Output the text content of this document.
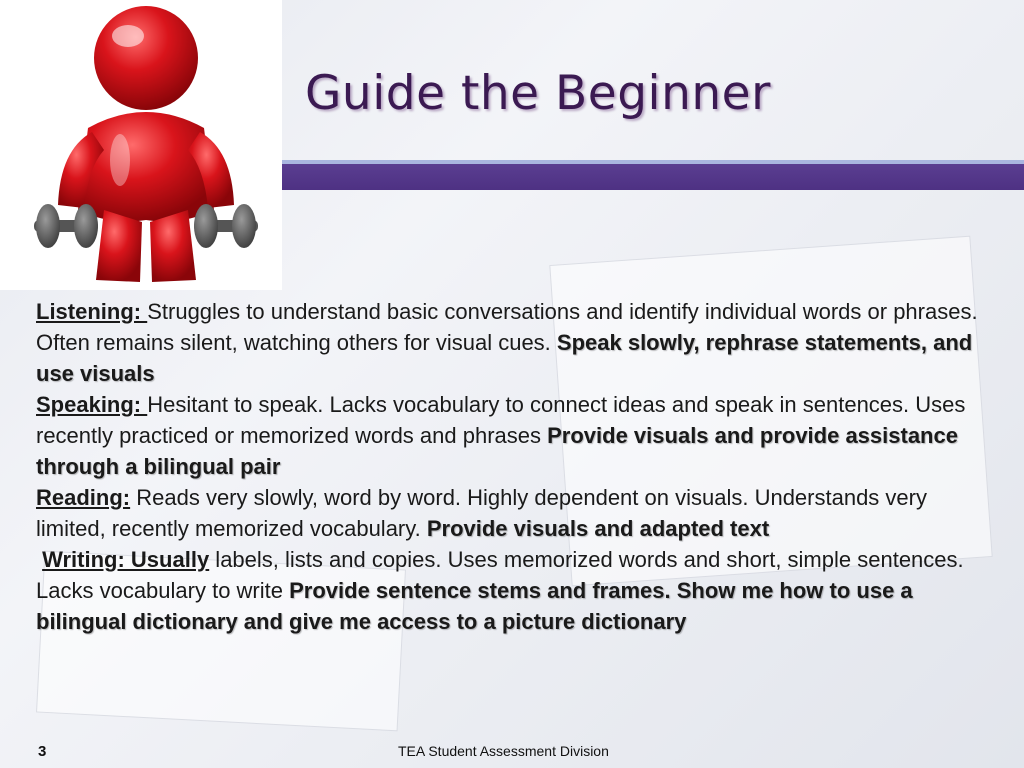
Guide the Beginner

Listening: Struggles to understand basic conversations and identify individual words or phrases. Often remains silent, watching others for visual cues. Speak slowly, rephrase statements, and use visuals

Speaking: Hesitant to speak. Lacks vocabulary to connect ideas and speak in sentences. Uses recently practiced or memorized words and phrases Provide visuals and provide assistance through a bilingual pair

Reading: Reads very slowly, word by word. Highly dependent on visuals. Understands very limited, recently memorized vocabulary. Provide visuals and adapted text

Writing: Usually labels, lists and copies. Uses memorized words and short, simple sentences. Lacks vocabulary to write Provide sentence stems and frames. Show me how to use a bilingual dictionary and give me access to a picture dictionary

3	TEA Student Assessment Division
